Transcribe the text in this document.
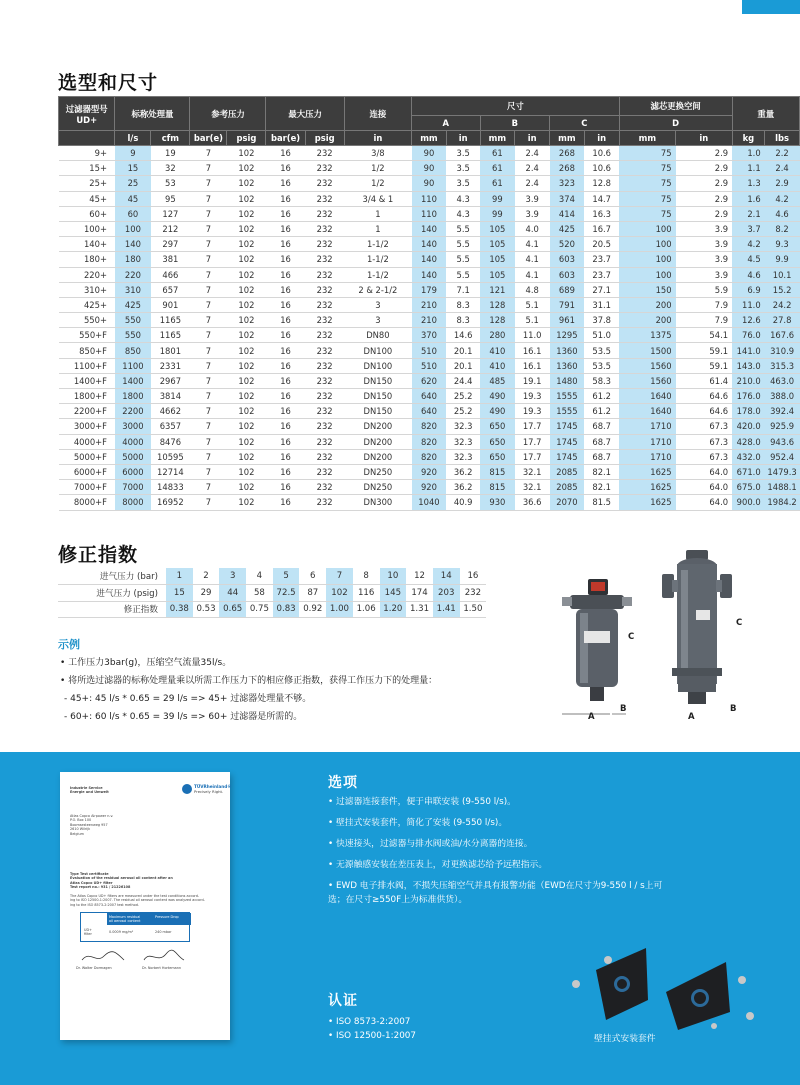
选型和尺寸
过滤器型号
UD+	标称处理量		参考压力		最大压力		连接	尺寸						滤芯更换空间		重量	
								A		B		C		D			
	l/s	cfm	bar(e)	psig	bar(e)	psig	in	mm	in	mm	in	mm	in	mm	in	kg	lbs
9+	9	19	7	102	16	232	3/8	90	3.5	61	2.4	268	10.6	75	2.9	1.0	2.2
15+	15	32	7	102	16	232	1/2	90	3.5	61	2.4	268	10.6	75	2.9	1.1	2.4
25+	25	53	7	102	16	232	1/2	90	3.5	61	2.4	323	12.8	75	2.9	1.3	2.9
45+	45	95	7	102	16	232	3/4 & 1	110	4.3	99	3.9	374	14.7	75	2.9	1.6	4.2
60+	60	127	7	102	16	232	1	110	4.3	99	3.9	414	16.3	75	2.9	2.1	4.6
100+	100	212	7	102	16	232	1	140	5.5	105	4.0	425	16.7	100	3.9	3.7	8.2
140+	140	297	7	102	16	232	1-1/2	140	5.5	105	4.1	520	20.5	100	3.9	4.2	9.3
180+	180	381	7	102	16	232	1-1/2	140	5.5	105	4.1	603	23.7	100	3.9	4.5	9.9
220+	220	466	7	102	16	232	1-1/2	140	5.5	105	4.1	603	23.7	100	3.9	4.6	10.1
310+	310	657	7	102	16	232	2 & 2-1/2	179	7.1	121	4.8	689	27.1	150	5.9	6.9	15.2
425+	425	901	7	102	16	232	3	210	8.3	128	5.1	791	31.1	200	7.9	11.0	24.2
550+	550	1165	7	102	16	232	3	210	8.3	128	5.1	961	37.8	200	7.9	12.6	27.8
550+F	550	1165	7	102	16	232	DN80	370	14.6	280	11.0	1295	51.0	1375	54.1	76.0	167.6
850+F	850	1801	7	102	16	232	DN100	510	20.1	410	16.1	1360	53.5	1500	59.1	141.0	310.9
1100+F	1100	2331	7	102	16	232	DN100	510	20.1	410	16.1	1360	53.5	1560	59.1	143.0	315.3
1400+F	1400	2967	7	102	16	232	DN150	620	24.4	485	19.1	1480	58.3	1560	61.4	210.0	463.0
1800+F	1800	3814	7	102	16	232	DN150	640	25.2	490	19.3	1555	61.2	1640	64.6	176.0	388.0
2200+F	2200	4662	7	102	16	232	DN150	640	25.2	490	19.3	1555	61.2	1640	64.6	178.0	392.4
3000+F	3000	6357	7	102	16	232	DN200	820	32.3	650	17.7	1745	68.7	1710	67.3	420.0	925.9
4000+F	4000	8476	7	102	16	232	DN200	820	32.3	650	17.7	1745	68.7	1710	67.3	428.0	943.6
5000+F	5000	10595	7	102	16	232	DN200	820	32.3	650	17.7	1745	68.7	1710	67.3	432.0	952.4
6000+F	6000	12714	7	102	16	232	DN250	920	36.2	815	32.1	2085	82.1	1625	64.0	671.0	1479.3
7000+F	7000	14833	7	102	16	232	DN250	920	36.2	815	32.1	2085	82.1	1625	64.0	675.0	1488.1
8000+F	8000	16952	7	102	16	232	DN300	1040	40.9	930	36.6	2070	81.5	1625	64.0	900.0	1984.2
修正指数
进气压力 (bar)	1	2	3	4	5	6	7	8	10	12	14	16
进气压力 (psig)	15	29	44	58	72.5	87	102	116	145	174	203	232
修正指数	0.38	0.53	0.65	0.75	0.83	0.92	1.00	1.06	1.20	1.31	1.41	1.50
示例
• 工作压力3bar(g)，压缩空气流量35l/s。
• 将所选过滤器的标称处理量乘以所需工作压力下的相应修正指数，获得工作压力下的处理量：
- 45+: 45 l/s * 0.65 = 29 l/s => 45+ 过滤器处理量不够。
- 60+: 60 l/s * 0.65 = 39 l/s => 60+ 过滤器是所需的。
C
A
B
C
A
B
Industrie Service
Energie und Umwelt
TÜVRheinland®
Precisely Right.
Atlas Copco Airpower n.v.
P.O. Box 100
Boomsesteenweg 957
2610 Wilrijk
Belgium
Type Test certificate
Evaluation of the residual aerosol oil content after an
Atlas Copco UD+ filter
Test report no.: 931 / 21226108
The Atlas Copco UD+ filters are measured under the test conditions accord-
ing to ISO 12500-1:2007. The residual oil aerosol content was analyzed accord-
ing to the ISO 8573-2:2007 test method.
Maximum residual
oil aerosol content
Pressure Drop
UD+
filter
0.0009 mg/m³	240 mbar
Dr. Walter Dormagen	Dr. Norbert Hortemann
选项
• 过滤器连接套件，便于串联安装 (9-550 l/s)。
• 壁挂式安装套件，简化了安装 (9-550 l/s)。
• 快速接头，过滤器与排水阀或油/水分离器的连接。
• 无源触感安装在差压表上，对更换滤芯给予远程指示。
• EWD 电子排水阀，不损失压缩空气并具有报警功能（EWD在尺寸为9-550 l / s上可
选；在尺寸≥550F上为标准供货）。
认证
• ISO 8573-2:2007
• ISO 12500-1:2007	壁挂式安装套件
